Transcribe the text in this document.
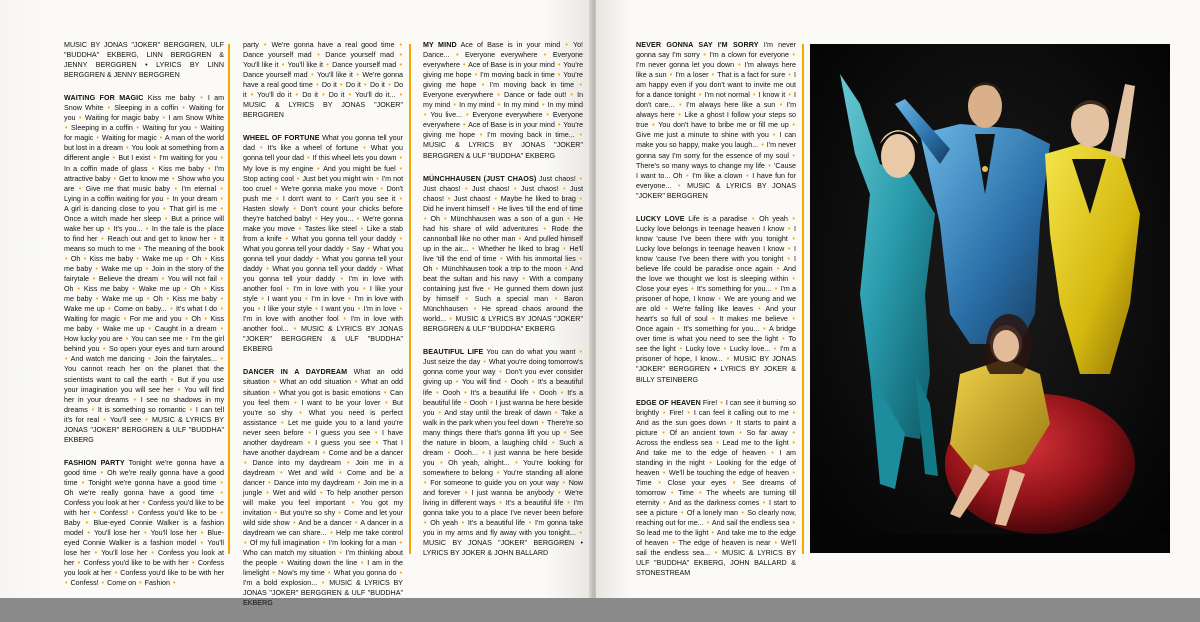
MUSIC BY JONAS "JOKER" BERGGREN, ULF "BUDDHA" EKBERG, LINN BERGGREN & JENNY BERGGREN • LYRICS BY LINN BERGGREN & JENNY BERGGREN
WAITING FOR MAGIC Kiss me baby • I am Snow White • Sleeping in a coffin • Waiting for you • Waiting for magic baby • I am Snow White • Sleeping in a coffin • Waiting for you • Waiting for magic • Waiting for magic • A man of the world but lost in a dream • You look at something from a different angle • But I exist • I'm waiting for you • In a coffin made of glass • Kiss me baby • I'm attractive baby • Get to know me • Show who you are • Give me that music baby • I'm eternal • Lying in a coffin waiting for you • In your dream • A girl is dancing close to you • That girl is me • Once a witch made her sleep • But a prince will wake her up • It's you... • In the tale is the place to find her • Reach out and get to know her • It means so much to me • The meaning of the book • Oh • Kiss me baby • Wake me up • Oh • Kiss me baby • Wake me up • Join in the story of the fairytale • Believe the dream • You will not fail • Oh • Kiss me baby • Wake me up • Oh • Kiss me baby • Wake me up • Oh • Kiss me baby • Wake me up • Come on baby... • It's what I do • Waiting for magic • For me and you • Oh • Kiss me baby • Wake me up • Caught in a dream • How lucky you are • You can see me • I'm the girl behind you • So open your eyes and turn around • And watch me dancing • Join the fairytales... • You cannot reach her on the planet that the scientists want to call the earth • But if you use your imagination you will see her • You will find her in your dreams • I see no shadows in my dreams • It is something so romantic • I can tell it's for real • You'll see • MUSIC & LYRICS BY JONAS "JOKER" BERGGREN & ULF "BUDDHA" EKBERG
FASHION PARTY Tonight we're gonna have a good time • Oh we're really gonna have a good time • Tonight we're gonna have a good time • Oh we're really gonna have a good time • Confess you look at her • Confess you'd like to be with her • Confess! • Confess you'd like to be • Baby • Blue-eyed Connie Walker is a fashion model • You'll lose her • You'll lose her • Blue-eyed Connie Walker is a fashion model • You'll lose her • You'll lose her • Confess you look at her • Confess you'd like to be with her • Confess you look at her • Confess you'd like to be with her • Confess! • Come on • Fashion •
party • We're gonna have a real good time • Dance yourself mad • Dance yourself mad • You'll like it • You'll like it • Dance yourself mad • Dance yourself mad • You'll like it • We're gonna have a real good time • Do it • Do it • Do it • Do it • You'll do it • Do it • Do it • You'll do it... • MUSIC & LYRICS BY JONAS "JOKER" BERGGREN
WHEEL OF FORTUNE What you gonna tell your dad • It's like a wheel of fortune • What you gonna tell your dad • If this wheel lets you down • My love is my engine • And you might be fuel • Stop acting cool • Just bet you might win • I'm not too cruel • We're gonna make you move • Don't push me • I don't want to • Can't you see it • Hasten slowly • Don't count your chicks before they're hatched baby! • Hey you... • We're gonna make you move • Tastes like steel • Like a stab from a knife • What you gonna tell your daddy • What you gonna tell your daddy • Say • What you gonna tell your daddy • What you gonna tell your daddy • What you gonna tell your daddy • What you gonna tell your daddy • I'm in love with another fool • I'm in love with you • I like your style • I want you • I'm in love • I'm in love with you • I like your style • I want you • I'm in love • I'm in love with another fool • I'm in love with another fool... • MUSIC & LYRICS BY JONAS "JOKER" BERGGREN & ULF "BUDDHA" EKBERG
DANCER IN A DAYDREAM What an odd situation • What an odd situation • What an odd situation • What you got is basic emotions • Can you feel them • I want to be your lover • But you're so shy • What you need is perfect assistance • Let me guide you to a land you're never seen before • I guess you see • I have another daydream • I guess you see • That I have another daydream • Come and be a dancer • Dance into my daydream • Join me in a daydream • Wet and wild • Come and be a dancer • Dance into my daydream • Join me in a jungle • Wet and wild • To help another person will make you feel important • You got my invitation • But you're so shy • Come and let your wild side show • And be a dancer • A dancer in a daydream we can share... • Help me take control • Of my full imagination • I'm looking for a man • Who can match my situation • I'm thinking about the people • Waiting down the line • I am in the limelight • Now's my time • What you gonna do • I'm a bold explosion... • MUSIC & LYRICS BY JONAS "JOKER" BERGGREN & ULF "BUDDHA" EKBERG
MY MIND Ace of Base is in your mind • Yo! Dance... • Everyone everywhere • Everyone everywhere • Ace of Base is in your mind • You're giving me hope • I'm moving back in time • You're giving me hope • I'm moving back in time • Everyone everywhere • Dance or fade out! • In my mind • In my mind • In my mind • In my mind • You live... • Everyone everywhere • Everyone everywhere • Ace of Base is in your mind • You're giving me hope • I'm moving back in time... • MUSIC & LYRICS BY JONAS "JOKER" BERGGREN & ULF "BUDDHA" EKBERG
MÜNCHHAUSEN (JUST CHAOS) Just chaos! • Just chaos! • Just chaos! • Just chaos! • Just chaos! • Just chaos! • Maybe he liked to brag • Did he invent himself • He lives 'till the end of time • Oh • Münchhausen was a son of a gun • He had his share of wild adventures • Rode the cannonball like no other man • And pulled himself up in the air... • Whether he liked to brag • He'll live 'till the end of time • With his immortal lies • Oh • Münchhausen took a trip to the moon • And beat the sultan and his navy • With a company containing just five • He gunned them down just by himself • Such a special man • Baron Münchhausen • He spread chaos around the world... • MUSIC & LYRICS BY JONAS "JOKER" BERGGREN & ULF "BUDDHA" EKBERG
BEAUTIFUL LIFE You can do what you want • Just seize the day • What you're doing tomorrow's gonna come your way • Don't you ever consider giving up • You will find • Oooh • It's a beautiful life • Oooh • It's a beautiful life • Oooh • It's a beautiful life • Oooh • I just wanna be here beside you • And stay until the break of dawn • Take a walk in the park when you feel down • There're so many things there that's gonna lift you up • See the nature in bloom, a laughing child • Such a dream • Oooh... • I just wanna be here beside you • Oh yeah, alright... • You're looking for somewhere to belong • You're standing all alone • For someone to guide you on your way • Now and forever • I just wanna be anybody • We're living in different ways • It's a beautiful life • I'm gonna take you to a place I've never been before • Oh yeah • It's a beautiful life • I'm gonna take you in my arms and fly away with you tonight... • MUSIC BY JONAS "JOKER" BERGGREN • LYRICS BY JOKER & JOHN BALLARD
NEVER GONNA SAY I'M SORRY I'm never gonna say I'm sorry • I'm a clown for everyone • I'm never gonna let you down • I'm always here like a sun • I'm a loser • That is a fact for sure • I am happy even if you don't want to invite me out for a dance tonight • I'm not normal • I know it • I don't care... • I'm always here like a sun • I'm always here • Like a ghost I follow your steps so true • You don't have to bribe me or fill me up • Give me just a minute to shine with you • I can make you so happy, make you laugh... • I'm never gonna say I'm sorry for the essence of my soul • There's so many ways to change my life • 'Cause I want to... Oh • I'm like a clown • I have fun for everyone... • MUSIC & LYRICS BY JONAS "JOKER" BERGGREN
LUCKY LOVE Life is a paradise • Oh yeah • Lucky love belongs in teenage heaven I know • I know 'cause I've been there with you tonight • Lucky love belongs in teenage heaven I know • I know 'cause I've been there with you tonight • I believe life could be paradise once again • And the love we thought we lost is sleeping within • Close your eyes • It's something for you... • I'm a prisoner of hope, I know • We are young and we are old • We're falling like leaves • And your heart's so full of soul • It makes me believe • Once again • It's something for you... • A bridge over time is what you need to see the light • To see the light • Lucky love • Lucky love... • I'm a prisoner of hope, I know... • MUSIC BY JONAS "JOKER" BERGGREN • LYRICS BY JOKER & BILLY STEINBERG
EDGE OF HEAVEN Fire! • I can see it burning so brightly • Fire! • I can feel it calling out to me • And as the sun goes down • It starts to paint a picture • Of an ancient town • So far away • Across the endless sea • Lead me to the light • And take me to the edge of heaven • I am standing in the night • Looking for the edge of heaven • We'll be touching the edge of heaven • Time • Close your eyes • See dreams of tomorrow • Time • The wheels are turning till eternity • And as the darkness comes • I start to see a picture • Of a lonely man • So clearly now, reaching out for me... • And sail the endless sea • So lead me to the light • And take me to the edge of heaven • The edge of heaven is near • We'll sail the endless sea... • MUSIC & LYRICS BY ULF "BUDDHA" EKBERG, JOHN BALLARD & STONESTREAM
